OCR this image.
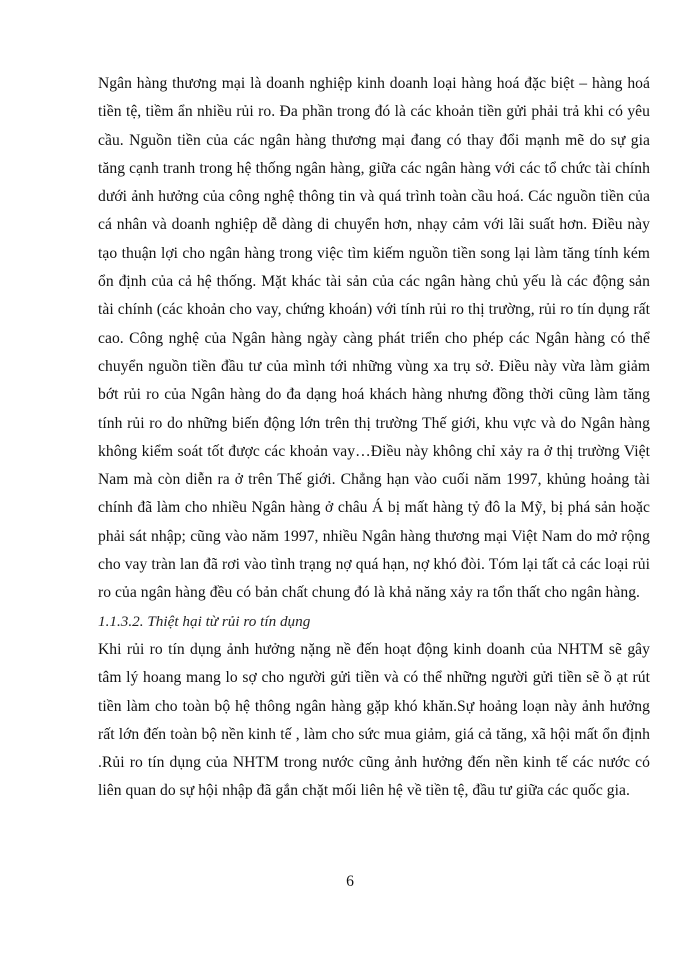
Ngân hàng thương mại là doanh nghiệp kinh doanh loại hàng hoá đặc biệt – hàng hoá tiền tệ, tiềm ẩn nhiều rủi ro. Đa phần trong đó là các khoản tiền gửi phải trả khi có yêu cầu. Nguồn tiền của các ngân hàng thương mại đang có thay đổi mạnh mẽ do sự gia tăng cạnh tranh trong hệ thống ngân hàng, giữa các ngân hàng với các tổ chức tài chính dưới ảnh hưởng của công nghệ thông tin và quá trình toàn cầu hoá. Các nguồn tiền của cá nhân và doanh nghiệp dễ dàng di chuyển hơn, nhạy cảm với lãi suất hơn. Điều này tạo thuận lợi cho ngân hàng trong việc tìm kiếm nguồn tiền song lại làm tăng tính kém ổn định của cả hệ thống. Mặt khác tài sản của các ngân hàng chủ yếu là các động sản tài chính (các khoản cho vay, chứng khoán) với tính rủi ro thị trường, rủi ro tín dụng rất cao. Công nghệ của Ngân hàng ngày càng phát triển cho phép các Ngân hàng có thể chuyển nguồn tiền đầu tư của mình tới những vùng xa trụ sở. Điều này vừa làm giảm bớt rủi ro của Ngân hàng do đa dạng hoá khách hàng nhưng đồng thời cũng làm tăng tính rủi ro do những biến động lớn trên thị trường Thế giới, khu vực và do Ngân hàng không kiểm soát tốt được các khoản vay…Điều này không chỉ xảy ra ở thị trường Việt Nam mà còn diễn ra ở trên Thế giới. Chẳng hạn vào cuối năm 1997, khủng hoảng tài chính đã làm cho nhiều Ngân hàng ở châu Á bị mất hàng tỷ đô la Mỹ, bị phá sản hoặc phải sát nhập; cũng vào năm 1997, nhiều Ngân hàng thương mại Việt Nam do mở rộng cho vay tràn lan đã rơi vào tình trạng nợ quá hạn, nợ khó đòi. Tóm lại tất cả các loại rủi ro của ngân hàng đều có bản chất chung đó là khả năng xảy ra tổn thất cho ngân hàng.

1.1.3.2. Thiệt hại từ rủi ro tín dụng

Khi rủi ro tín dụng ảnh hưởng nặng nề đến hoạt động kinh doanh của NHTM sẽ gây tâm lý hoang mang lo sợ cho người gửi tiền và có thể những người gửi tiền sẽ ồ ạt rút tiền làm cho toàn bộ hệ thông ngân hàng gặp khó khăn.Sự hoảng loạn này ảnh hưởng rất lớn đến toàn bộ nền kinh tế , làm cho sức mua giảm, giá cả tăng, xã hội mất ổn định .Rủi ro tín dụng của NHTM trong nước cũng ảnh hưởng đến nền kinh tế các nước có liên quan do sự hội nhập đã gắn chặt mối liên hệ về tiền tệ, đầu tư giữa các quốc gia.

6
